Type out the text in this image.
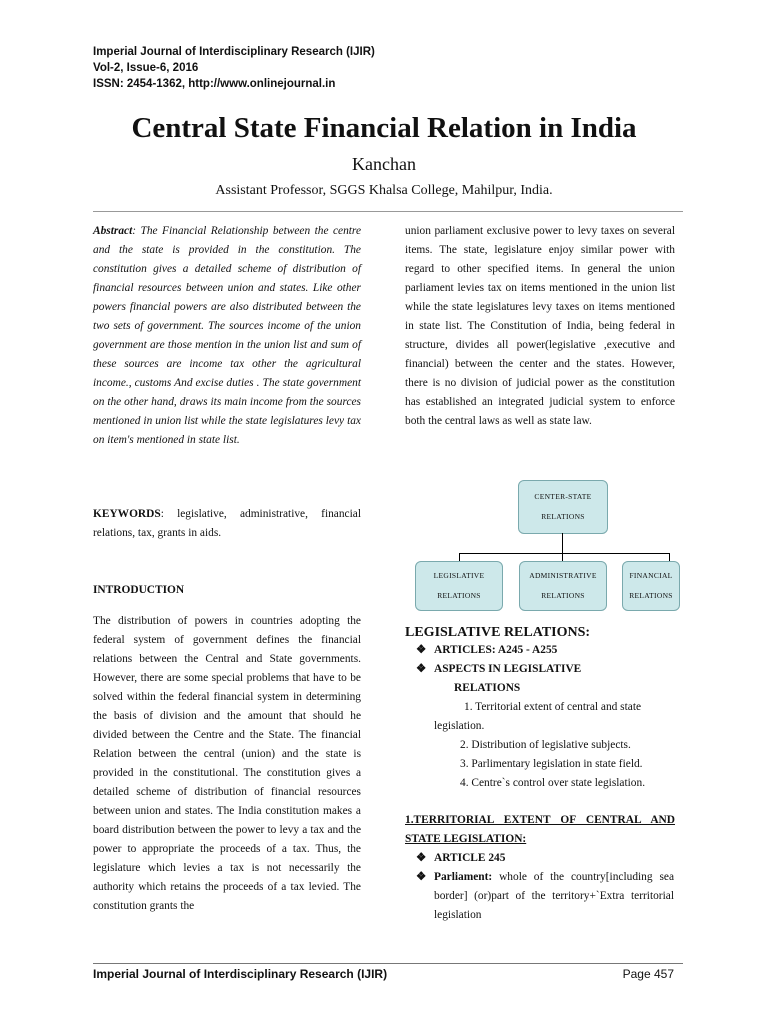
Imperial Journal of Interdisciplinary Research (IJIR)
Vol-2, Issue-6, 2016
ISSN: 2454-1362, http://www.onlinejournal.in
Central State Financial Relation in India
Kanchan
Assistant Professor, SGGS Khalsa College, Mahilpur, India.

Abstract: The Financial Relationship between the centre and the state is provided in the constitution. The constitution gives a detailed scheme of distribution of financial resources between union and states. Like other powers financial powers are also distributed between the two sets of government. The sources income of the union government are those mention in the union list and sum of these sources are income tax other the agricultural income., customs And excise duties . The state government on the other hand, draws its main income from the sources mentioned in union list while the state legislatures levy tax on item's mentioned in state list.

KEYWORDS: legislative, administrative, financial relations, tax, grants in aids.

INTRODUCTION

The distribution of powers in countries adopting the federal system of government defines the financial relations between the Central and State governments. However, there are some special problems that have to be solved within the federal financial system in determining the basis of division and the amount that should he divided between the Centre and the State. The financial Relation between the central (union) and the state is provided in the constitutional. The constitution gives a detailed scheme of distribution of financial resources between union and states. The India constitution makes a board distribution between the power to levy a tax and the power to appropriate the proceeds of a tax. Thus, the legislature which levies a tax is not necessarily the authority which retains the proceeds of a tax levied. The constitution grants the

union parliament exclusive power to levy taxes on several items. The state, legislature enjoy similar power with regard to other specified items. In general the union parliament levies tax on items mentioned in the union list while the state legislatures levy taxes on items mentioned in state list. The Constitution of India, being federal in structure, divides all power(legislative ,executive and financial) between the center and the states. However, there is no division of judicial power as the constitution has established an integrated judicial system to enforce both the central laws as well as state law.

CENTER-STATE
RELATIONS
LEGISLATIVE
RELATIONS
ADMINISTRATIVE
RELATIONS
FINANCIAL
RELATIONS
LEGISLATIVE RELATIONS:
❖ ARTICLES: A245 - A255
❖ ASPECTS IN LEGISLATIVE
RELATIONS
1. Territorial extent of central and state
legislation.
2. Distribution of legislative subjects.
3. Parlimentary legislation in state field.
4. Centre`s control over state legislation.
1.TERRITORIAL EXTENT OF CENTRAL AND STATE LEGISLATION:
❖ ARTICLE 245
❖ Parliament: whole of the country[including sea border] (or)part of the territory+`Extra territorial legislation
Imperial Journal of Interdisciplinary Research (IJIR)	Page 457
